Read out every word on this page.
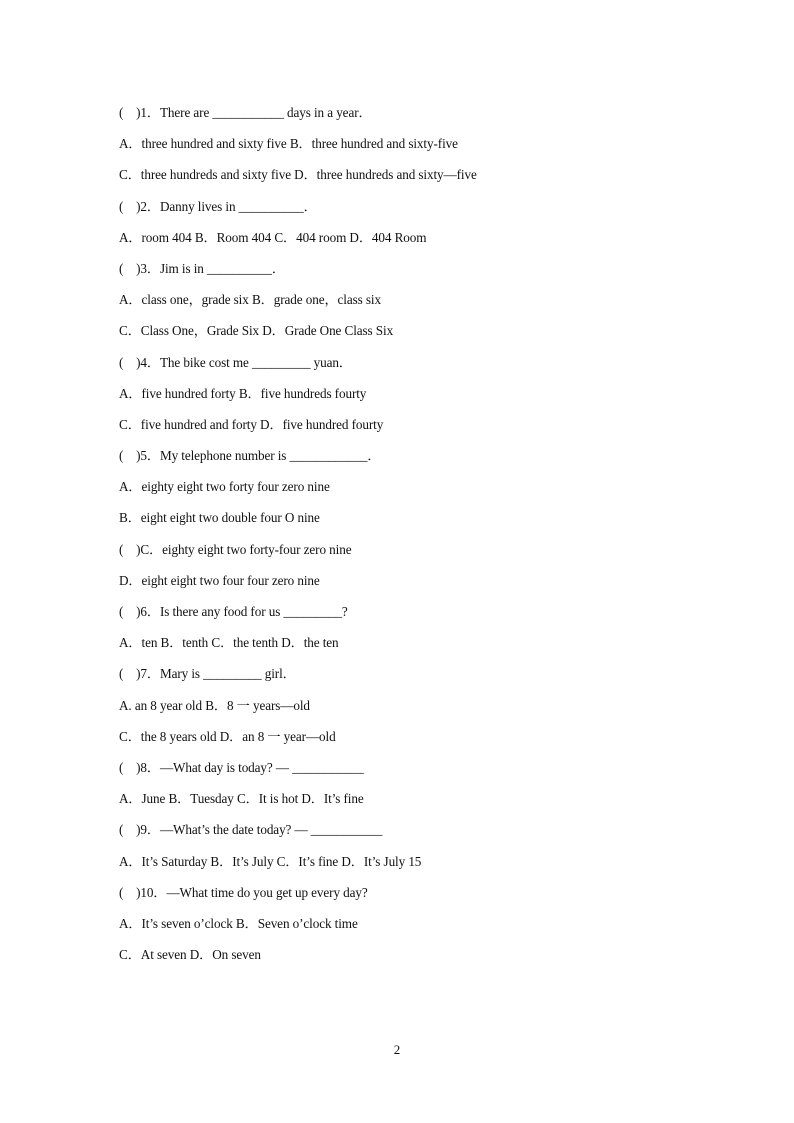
(    )1．There are ___________ days in a year．
A．three hundred and sixty five B．three hundred and sixty-five
C．three hundreds and sixty five D．three hundreds and sixty—five
(    )2．Danny lives in __________．
A．room 404 B．Room 404 C．404 room D．404 Room
(    )3．Jim is in __________．
A．class one，grade six B．grade one，class six
C．Class One，Grade Six D．Grade One Class Six
(    )4．The bike cost me _________ yuan．
A．five hundred forty B．five hundreds fourty
C．five hundred and forty D．five hundred fourty
(    )5．My telephone number is ____________．
A．eighty eight two forty four zero nine
B．eight eight two double four O nine
(    )C．eighty eight two forty-four zero nine
D．eight eight two four four zero nine
(    )6．Is there any food for us _________?
A．ten B．tenth C．the tenth D．the ten
(    )7．Mary is _________ girl．
A. an 8 year old B．8 一 years—old
C．the 8 years old D．an 8 一 year—old
(    )8．—What day is today? — ___________
A．June B．Tuesday C．It is hot D．It’s fine
(    )9．—What’s the date today? — ___________
A．It’s Saturday B．It’s July C．It’s fine D．It’s July 15
(    )10．—What time do you get up every day?
A．It’s seven o’clock B．Seven o’clock time
C．At seven D．On seven
2
